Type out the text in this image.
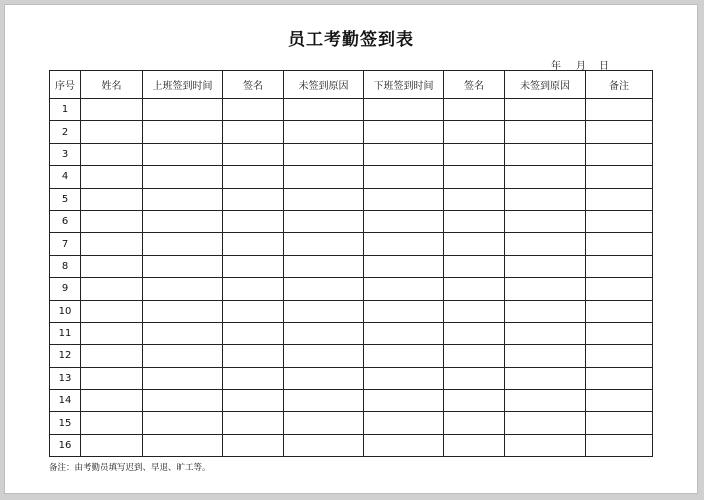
员工考勤签到表
年 月 日
序号	姓名	上班签到时间	签名	未签到原因	下班签到时间	签名	未签到原因	备注
1								
2								
3								
4								
5								
6								
7								
8								
9								
10								
11								
12								
13								
14								
15								
16								
备注：由考勤员填写迟到、早退、旷工等。
